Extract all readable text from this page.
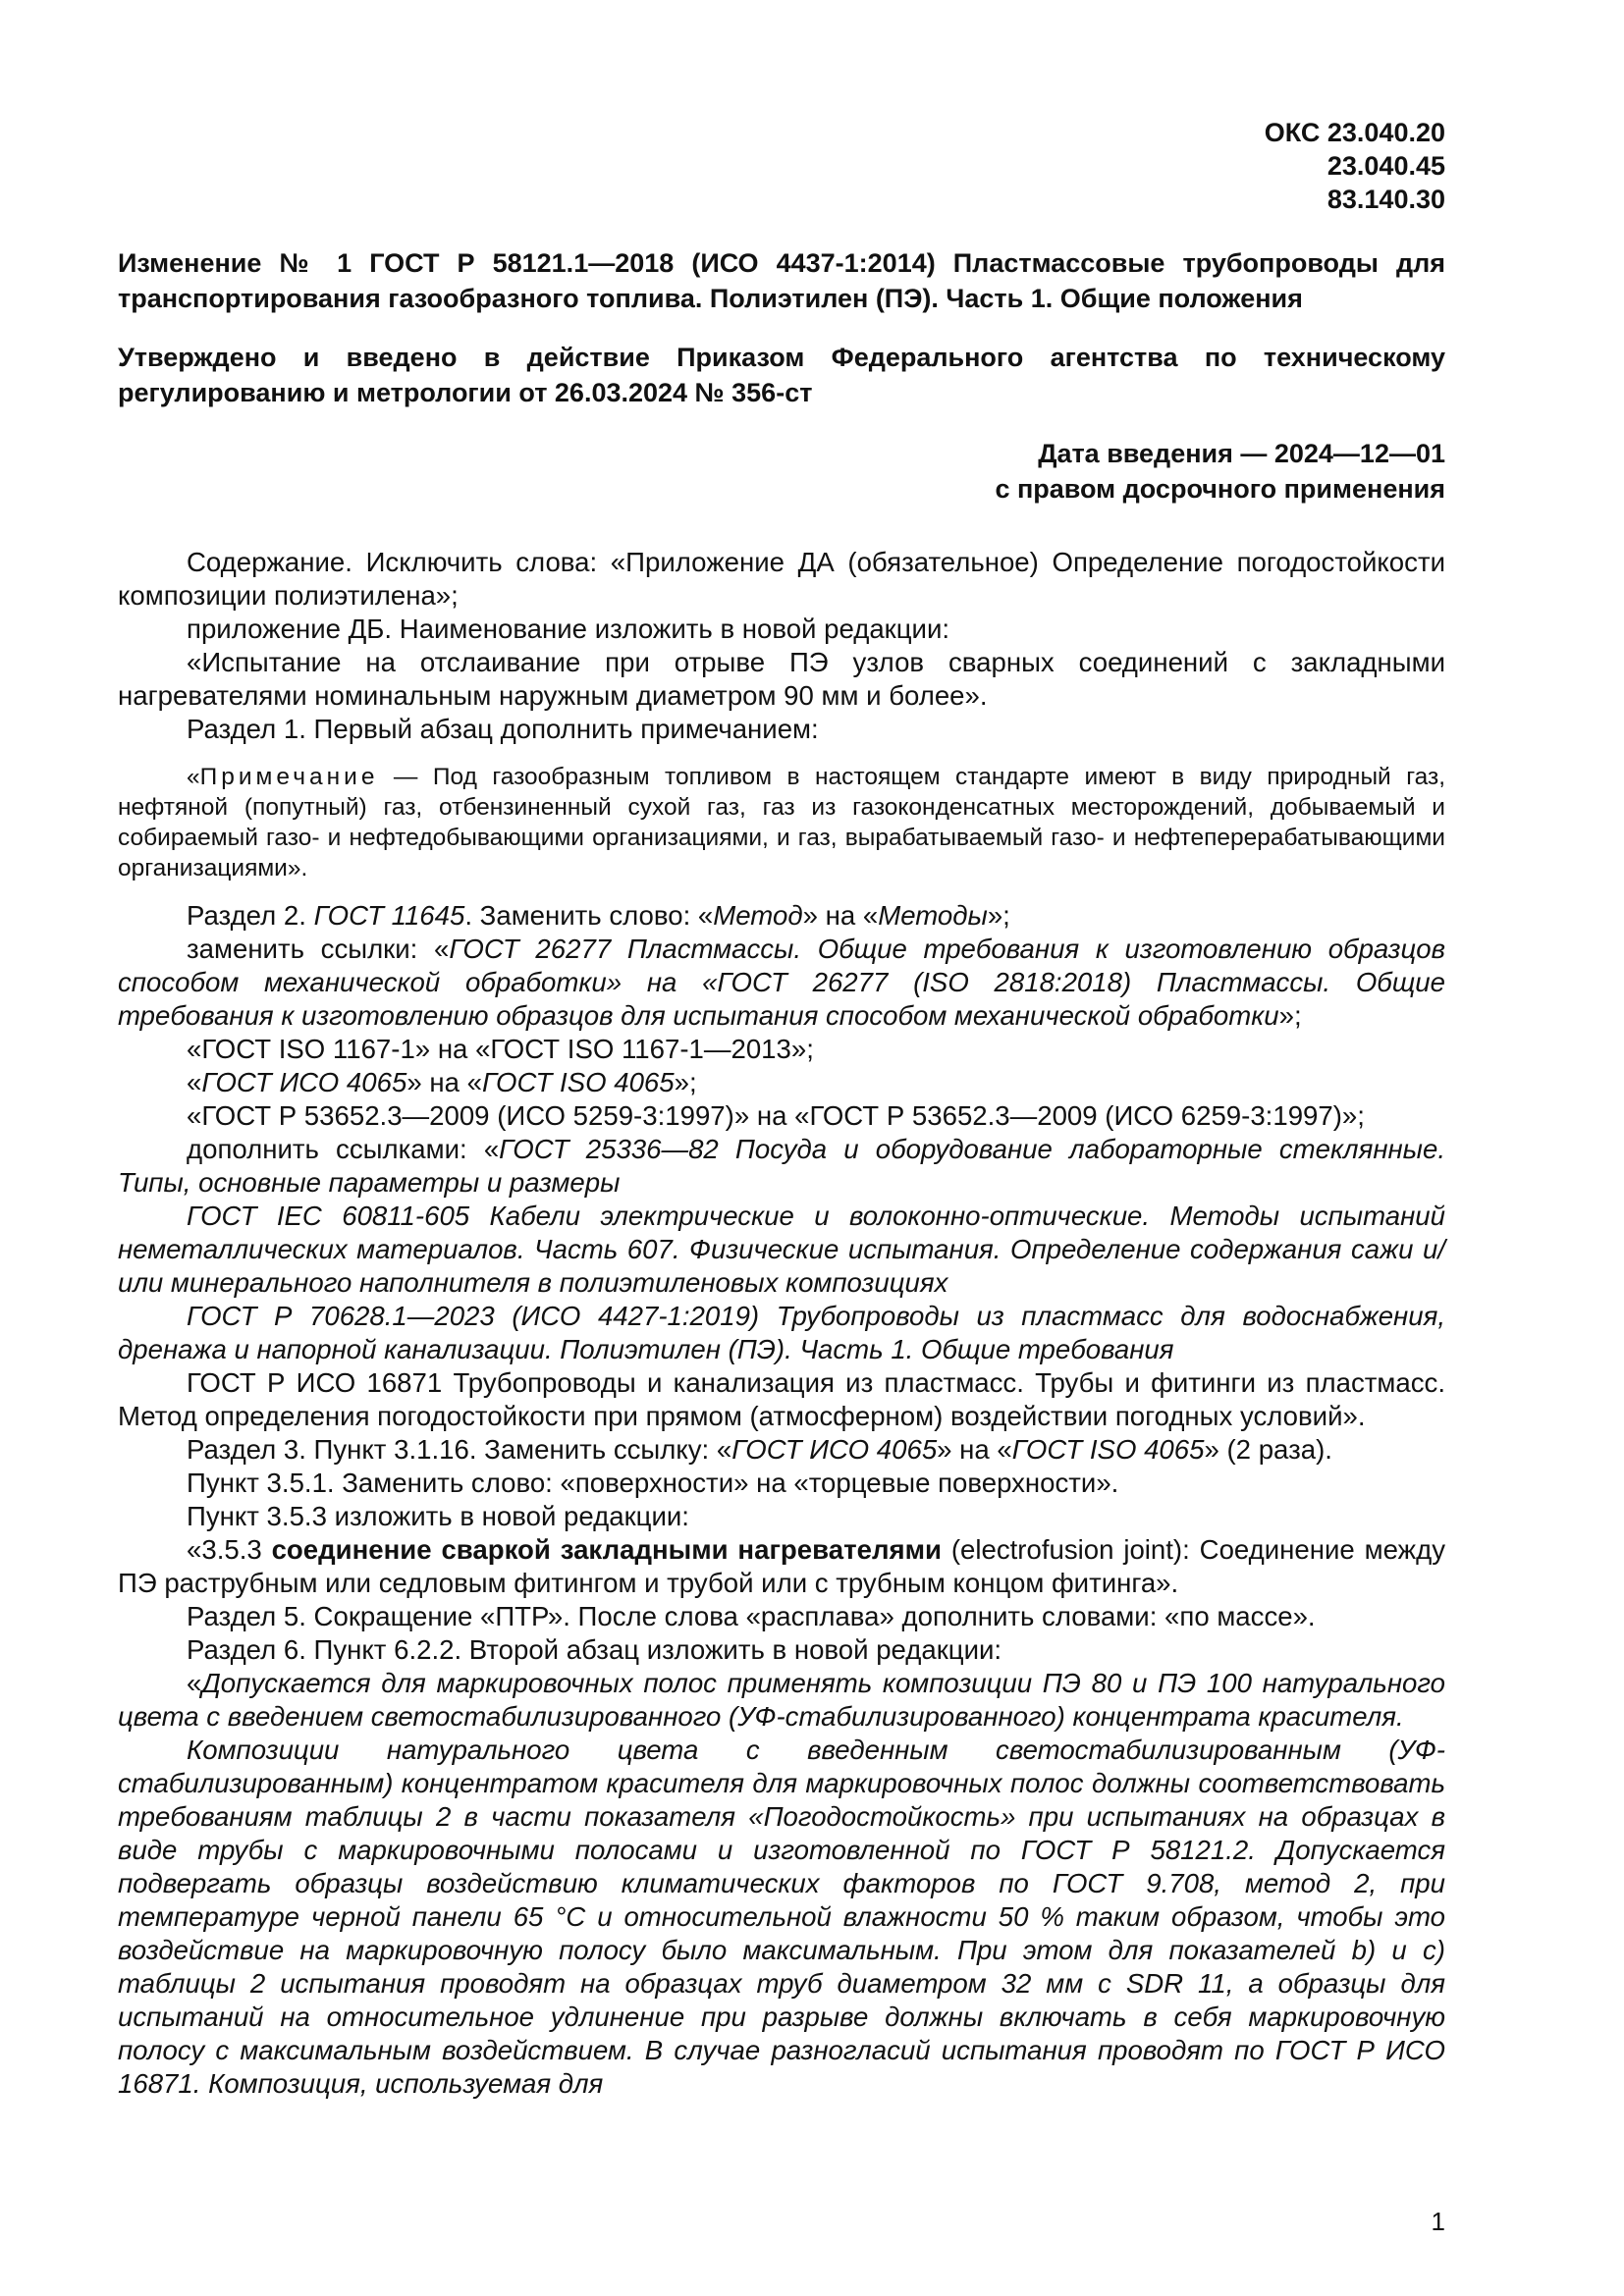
ОКС 23.040.20
23.040.45
83.140.30
Изменение № 1 ГОСТ Р 58121.1—2018 (ИСО 4437-1:2014) Пластмассовые трубопроводы для транспортирования газообразного топлива. Полиэтилен (ПЭ). Часть 1. Общие положения
Утверждено и введено в действие Приказом Федерального агентства по техническому регулированию и метрологии от 26.03.2024 № 356-ст
Дата введения — 2024—12—01
с правом досрочного применения

Содержание. Исключить слова: «Приложение ДА (обязательное) Определение погодостойкости композиции полиэтилена»;

приложение ДБ. Наименование изложить в новой редакции:

«Испытание на отслаивание при отрыве ПЭ узлов сварных соединений с закладными нагревателями номинальным наружным диаметром 90 мм и более».

Раздел 1. Первый абзац дополнить примечанием:

«Примечание — Под газообразным топливом в настоящем стандарте имеют в виду природный газ, нефтяной (попутный) газ, отбензиненный сухой газ, газ из газоконденсатных месторождений, добываемый и собираемый газо- и нефтедобывающими организациями, и газ, вырабатываемый газо- и нефтеперерабатывающими организациями».

Раздел 2. ГОСТ 11645. Заменить слово: «Метод» на «Методы»;

заменить ссылки: «ГОСТ 26277 Пластмассы. Общие требования к изготовлению образцов способом механической обработки» на «ГОСТ 26277 (ISO 2818:2018) Пластмассы. Общие требования к изготовлению образцов для испытания способом механической обработки»;

«ГОСТ ISO 1167-1» на «ГОСТ ISO 1167-1—2013»;

«ГОСТ ИСО 4065» на «ГОСТ ISO 4065»;

«ГОСТ Р 53652.3—2009 (ИСО 5259-3:1997)» на «ГОСТ Р 53652.3—2009 (ИСО 6259-3:1997)»;

дополнить ссылками: «ГОСТ 25336—82 Посуда и оборудование лабораторные стеклянные. Типы, основные параметры и размеры

ГОСТ IEC 60811-605 Кабели электрические и волоконно-оптические. Методы испытаний неметаллических материалов. Часть 607. Физические испытания. Определение содержания сажи и/или минерального наполнителя в полиэтиленовых композициях

ГОСТ Р 70628.1—2023 (ИСО 4427-1:2019) Трубопроводы из пластмасс для водоснабжения, дренажа и напорной канализации. Полиэтилен (ПЭ). Часть 1. Общие требования

ГОСТ Р ИСО 16871 Трубопроводы и канализация из пластмасс. Трубы и фитинги из пластмасс. Метод определения погодостойкости при прямом (атмосферном) воздействии погодных условий».

Раздел 3. Пункт 3.1.16. Заменить ссылку: «ГОСТ ИСО 4065» на «ГОСТ ISO 4065» (2 раза).

Пункт 3.5.1. Заменить слово: «поверхности» на «торцевые поверхности».

Пункт 3.5.3 изложить в новой редакции:

«3.5.3 соединение сваркой закладными нагревателями (electrofusion joint): Соединение между ПЭ раструбным или седловым фитингом и трубой или с трубным концом фитинга».

Раздел 5. Сокращение «ПТР». После слова «расплава» дополнить словами: «по массе».

Раздел 6. Пункт 6.2.2. Второй абзац изложить в новой редакции:

«Допускается для маркировочных полос применять композиции ПЭ 80 и ПЭ 100 натурального цвета с введением светостабилизированного (УФ-стабилизированного) концентрата красителя.

Композиции натурального цвета с введенным светостабилизированным (УФ-стабилизированным) концентратом красителя для маркировочных полос должны соответствовать требованиям таблицы 2 в части показателя «Погодостойкость» при испытаниях на образцах в виде трубы с маркировочными полосами и изготовленной по ГОСТ Р 58121.2. Допускается подвергать образцы воздействию климатических факторов по ГОСТ 9.708, метод 2, при температуре черной панели 65 °С и относительной влажности 50 % таким образом, чтобы это воздействие на маркировочную полосу было максимальным. При этом для показателей b) и с) таблицы 2 испытания проводят на образцах труб диаметром 32 мм с SDR 11, а образцы для испытаний на относительное удлинение при разрыве должны включать в себя маркировочную полосу с максимальным воздействием. В случае разногласий испытания проводят по ГОСТ Р ИСО 16871. Композиция, используемая для

1
